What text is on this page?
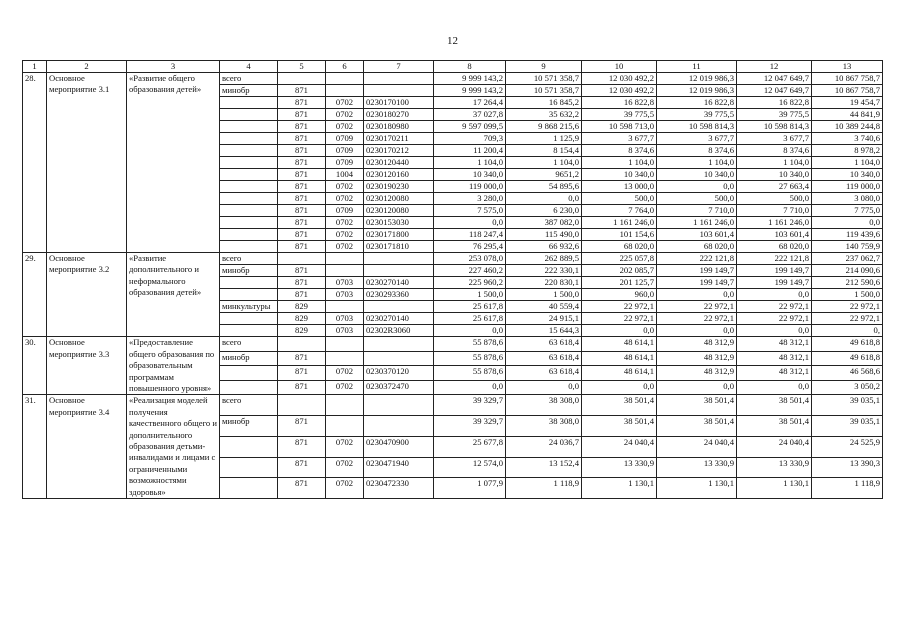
12
1	2	3	4	5	6	7	8	9	10	11	12	13
28.	Основное мероприятие 3.1	«Развитие общего образования детей»	всего				9 999 143,2	10 571 358,7	12 030 492,2	12 019 986,3	12 047 649,7	10 867 758,7
			минобр	871			9 999 143,2	10 571 358,7	12 030 492,2	12 019 986,3	12 047 649,7	10 867 758,7
				871	0702	0230170100	17 264,4	16 845,2	16 822,8	16 822,8	16 822,8	19 454,7
				871	0702	0230180270	37 027,8	35 632,2	39 775,5	39 775,5	39 775,5	44 841,9
				871	0702	0230180980	9 597 099,5	9 868 215,6	10 598 713,0	10 598 814,3	10 598 814,3	10 389 244,8
				871	0709	0230170211	709,3	1 125,9	3 677,7	3 677,7	3 677,7	3 740,6
				871	0709	0230170212	11 200,4	8 154,4	8 374,6	8 374,6	8 374,6	8 978,2
				871	0709	0230120440	1 104,0	1 104,0	1 104,0	1 104,0	1 104,0	1 104,0
				871	1004	0230120160	10 340,0	9651,2	10 340,0	10 340,0	10 340,0	10 340,0
				871	0702	0230190230	119 000,0	54 895,6	13 000,0	0,0	27 663,4	119 000,0
				871	0702	0230120080	3 280,0	0,0	500,0	500,0	500,0	3 080,0
				871	0709	0230120080	7 575,0	6 230,0	7 764,0	7 710,0	7 710,0	7 775,0
				871	0702	0230153030	0,0	387 082,0	1 161 246,0	1 161 246,0	1 161 246,0	0,0
				871	0702	0230171800	118 247,4	115 490,0	101 154,6	103 601,4	103 601,4	119 439,6
				871	0702	0230171810	76 295,4	66 932,6	68 020,0	68 020,0	68 020,0	140 759,9
29.	Основное мероприятие 3.2	«Развитие дополнительного и неформального образования детей»	всего				253 078,0	262 889,5	225 057,8	222 121,8	222 121,8	237 062,7
			минобр	871			227 460,2	222 330,1	202 085,7	199 149,7	199 149,7	214 090,6
				871	0703	0230270140	225 960,2	220 830,1	201 125,7	199 149,7	199 149,7	212 590,6
				871	0703	0230293360	1 500,0	1 500,0	960,0	0,0	0,0	1 500,0
			минкультуры	829			25 617,8	40 559,4	22 972,1	22 972,1	22 972,1	22 972,1
				829	0703	0230270140	25 617,8	24 915,1	22 972,1	22 972,1	22 972,1	22 972,1
				829	0703	02302R3060	0,0	15 644,3	0,0	0,0	0,0	0,
30.	Основное мероприятие 3.3	«Предоставление общего образования по образовательным программам повышенного уровня»	всего				55 878,6	63 618,4	48 614,1	48 312,9	48 312,1	49 618,8
			минобр	871			55 878,6	63 618,4	48 614,1	48 312,9	48 312,1	49 618,8
				871	0702	0230370120	55 878,6	63 618,4	48 614,1	48 312,9	48 312,1	46 568,6
				871	0702	0230372470	0,0	0,0	0,0	0,0	0,0	3 050,2
31.	Основное мероприятие 3.4	«Реализация моделей получения качественного общего и дополнительного образования детьми-инвалидами и лицами с ограниченными возможностями здоровья»	всего				39 329,7	38 308,0	38 501,4	38 501,4	38 501,4	39 035,1
			минобр	871			39 329,7	38 308,0	38 501,4	38 501,4	38 501,4	39 035,1
				871	0702	0230470900	25 677,8	24 036,7	24 040,4	24 040,4	24 040,4	24 525,9
				871	0702	0230471940	12 574,0	13 152,4	13 330,9	13 330,9	13 330,9	13 390,3
				871	0702	0230472330	1 077,9	1 118,9	1 130,1	1 130,1	1 130,1	1 118,9
